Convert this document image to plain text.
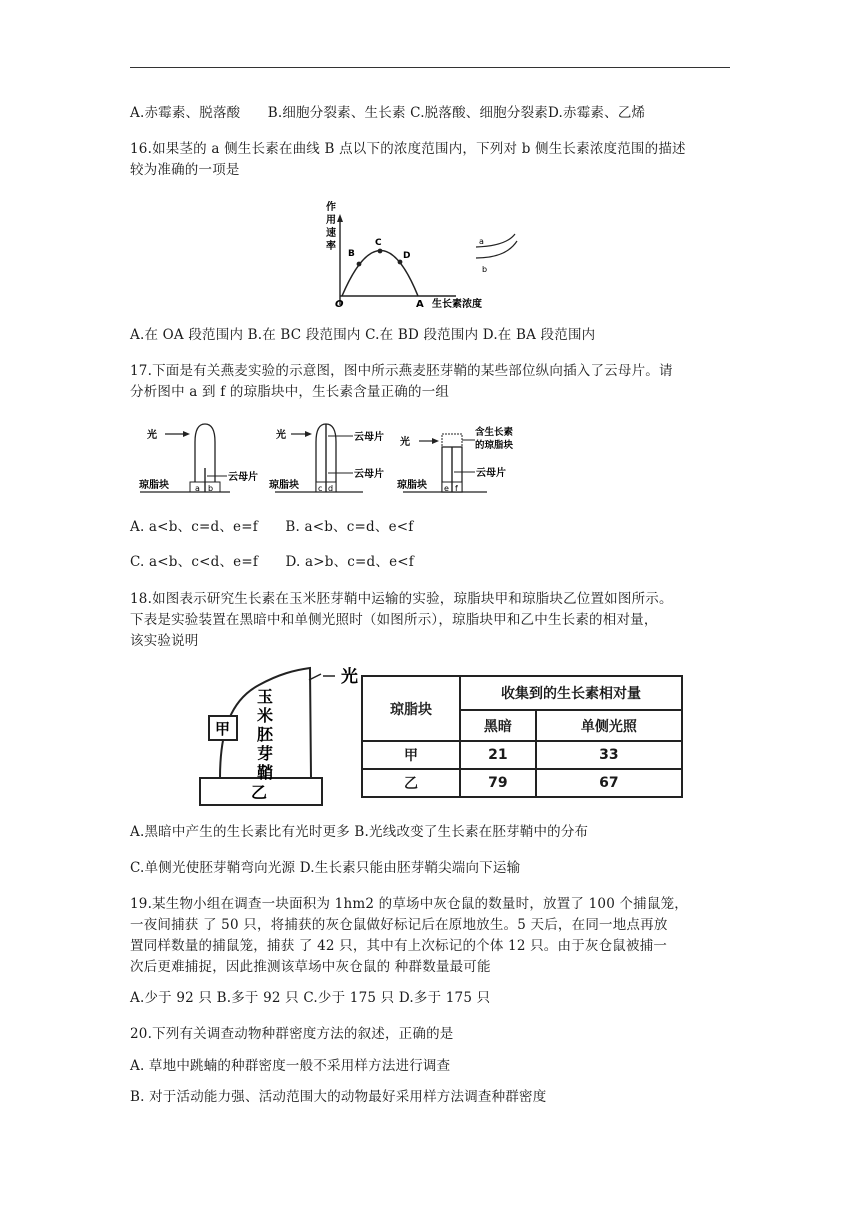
A.赤霉素、脱落酸　　B.细胞分裂素、生长素 C.脱落酸、细胞分裂素D.赤霉素、乙烯
16.如果茎的 a 侧生长素在曲线 B 点以下的浓度范围内，下列对 b 侧生长素浓度范围的描述
较为准确的一项是
作
用
速
率
B
C
D
O	A 生长素浓度
a
b
A.在 OA 段范围内 B.在 BC 段范围内 C.在 BD 段范围内 D.在 BA 段范围内
17.下面是有关燕麦实验的示意图，图中所示燕麦胚芽鞘的某些部位纵向插入了云母片。请
分析图中 a 到 f 的琼脂块中，生长素含量正确的一组
光
云母片
琼脂块	a b
光	云母片
云母片
琼脂块 c d
光
含生长素
的琼脂块
云母片
琼脂块 e f
A. a<b、c=d、e=f　　B. a<b、c=d、e<f
C. a<b、c<d、e=f　　D. a>b、c=d、e<f
18.如图表示研究生长素在玉米胚芽鞘中运输的实验，琼脂块甲和琼脂块乙位置如图所示。
下表是实验装置在黑暗中和单侧光照时（如图所示），琼脂块甲和乙中生长素的相对量，
该实验说明
光
甲
乙
玉
米
胚
芽
鞘
琼脂块	收集到的生长素相对量	
	黑暗	单侧光照
甲	21	33
乙	79	67
A.黑暗中产生的生长素比有光时更多 B.光线改变了生长素在胚芽鞘中的分布
C.单侧光使胚芽鞘弯向光源 D.生长素只能由胚芽鞘尖端向下运输
19.某生物小组在调查一块面积为 1hm2 的草场中灰仓鼠的数量时，放置了 100 个捕鼠笼，
一夜间捕获 了 50 只，将捕获的灰仓鼠做好标记后在原地放生。5 天后，在同一地点再放
置同样数量的捕鼠笼，捕获 了 42 只，其中有上次标记的个体 12 只。由于灰仓鼠被捕一
次后更难捕捉，因此推测该草场中灰仓鼠的 种群数量最可能
A.少于 92 只 B.多于 92 只 C.少于 175 只 D.多于 175 只
20.下列有关调查动物种群密度方法的叙述，正确的是
A. 草地中跳蝻的种群密度一般不采用样方法进行调查
B. 对于活动能力强、活动范围大的动物最好采用样方法调查种群密度
